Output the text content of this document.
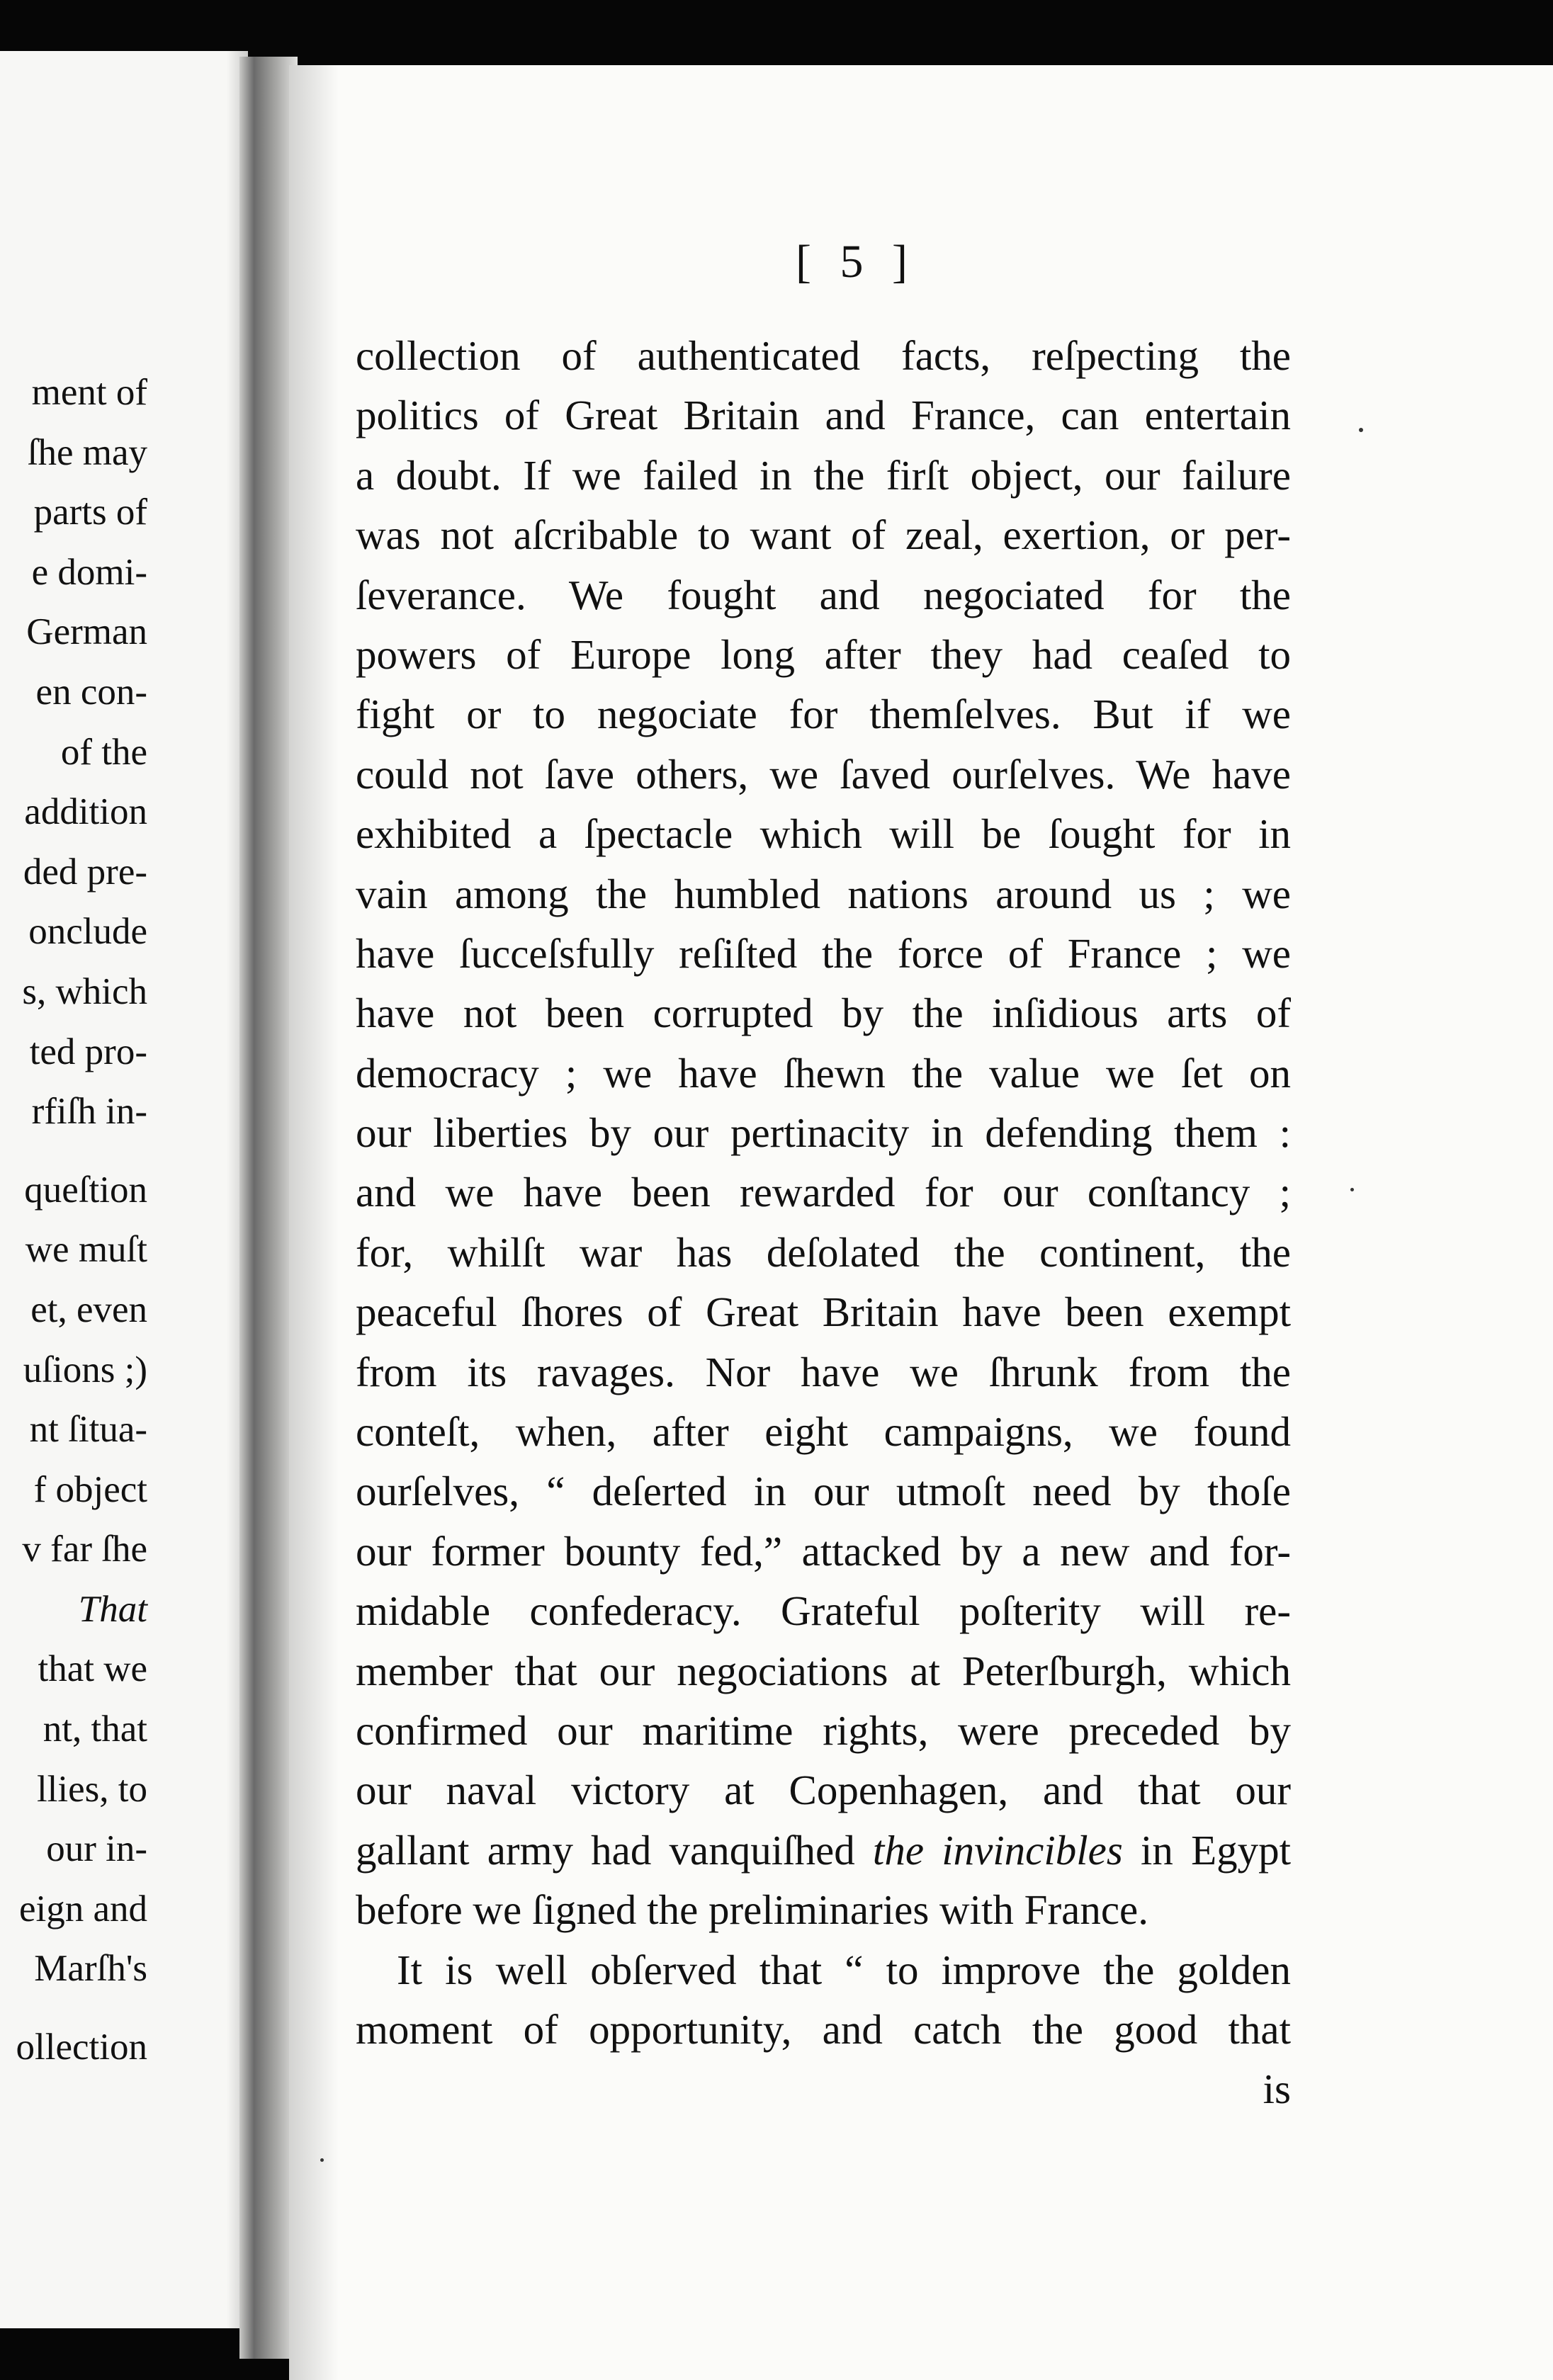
ment of
ſhe may
parts of
e domi-
German
en con-
of the
addition
ded pre-
onclude
s, which
ted pro-
rfiſh in-
queſtion
we muſt
et, even
uſions ;)
nt ſitua-
f object
v far ſhe
That
that we
nt, that
llies, to
our in-
eign and
Marſh's
ollection
[ 5 ]
collection of authenticated facts, reſpecting the
politics of Great Britain and France, can entertain
a doubt. If we failed in the firſt object, our failure
was not aſcribable to want of zeal, exertion, or per-
ſeverance. We fought and negociated for the
powers of Europe long after they had ceaſed to
fight or to negociate for themſelves. But if we
could not ſave others, we ſaved ourſelves. We have
exhibited a ſpectacle which will be ſought for in
vain among the humbled nations around us ; we
have ſucceſsfully reſiſted the force of France ; we
have not been corrupted by the inſidious arts of
democracy ; we have ſhewn the value we ſet on
our liberties by our pertinacity in defending them :
and we have been rewarded for our conſtancy ;
for, whilſt war has deſolated the continent, the
peaceful ſhores of Great Britain have been exempt
from its ravages. Nor have we ſhrunk from the
conteſt, when, after eight campaigns, we found
ourſelves, “ deſerted in our utmoſt need by thoſe
our former bounty fed,” attacked by a new and for-
midable confederacy. Grateful poſterity will re-
member that our negociations at Peterſburgh, which
confirmed our maritime rights, were preceded by
our naval victory at Copenhagen, and that our
gallant army had vanquiſhed the invincibles in Egypt
before we ſigned the preliminaries with France.
It is well obſerved that “ to improve the golden
moment of opportunity, and catch the good that
is
